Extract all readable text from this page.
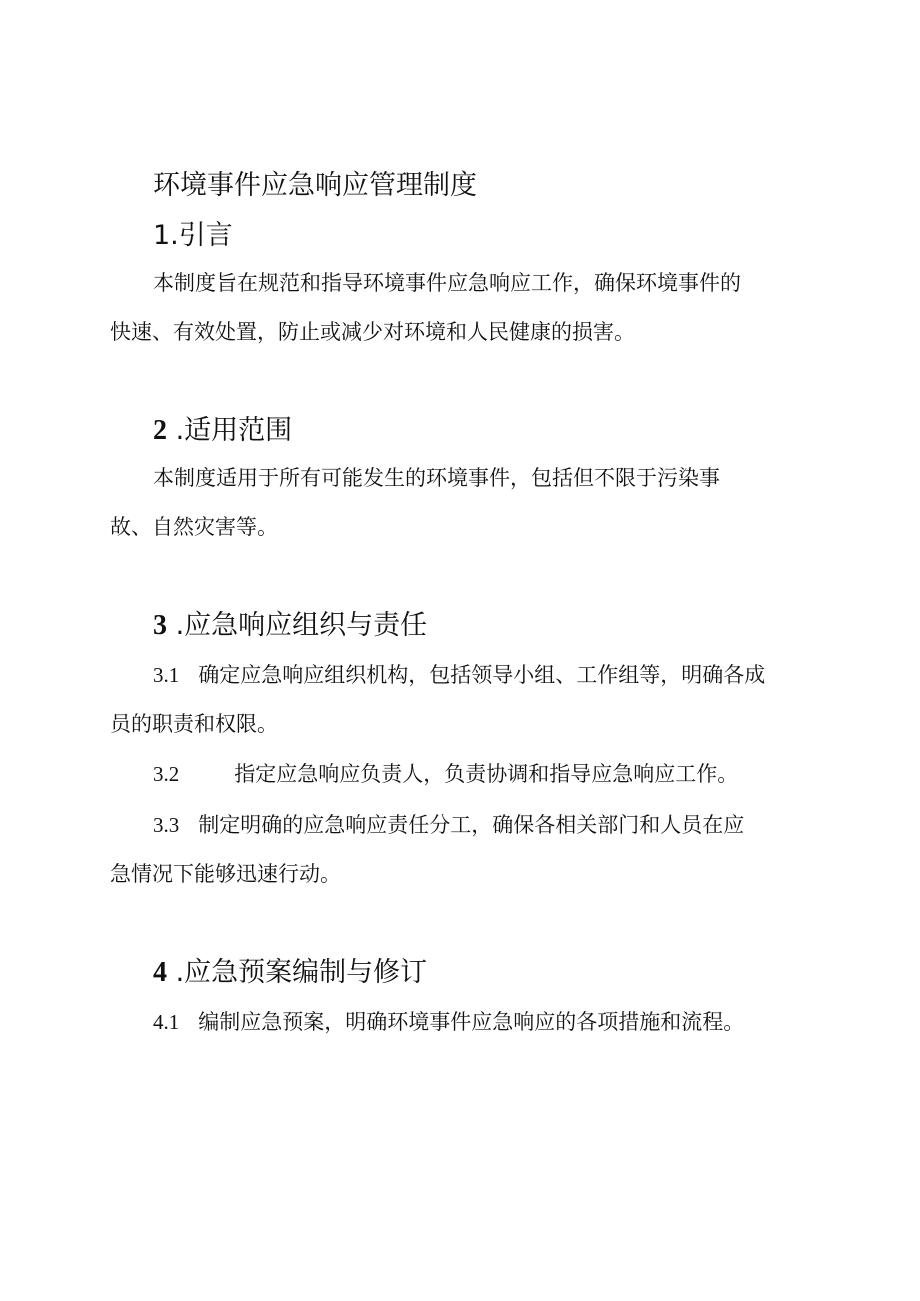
环境事件应急响应管理制度
1.引言

本制度旨在规范和指导环境事件应急响应工作，确保环境事件的

快速、有效处置，防止或减少对环境和人民健康的损害。

2 .适用范围

本制度适用于所有可能发生的环境事件，包括但不限于污染事

故、自然灾害等。

3 .应急响应组织与责任

3.1 确定应急响应组织机构，包括领导小组、工作组等，明确各成

员的职责和权限。

3.2	指定应急响应负责人，负责协调和指导应急响应工作。

3.3 制定明确的应急响应责任分工，确保各相关部门和人员在应

急情况下能够迅速行动。

4 .应急预案编制与修订

4.1 编制应急预案，明确环境事件应急响应的各项措施和流程。
